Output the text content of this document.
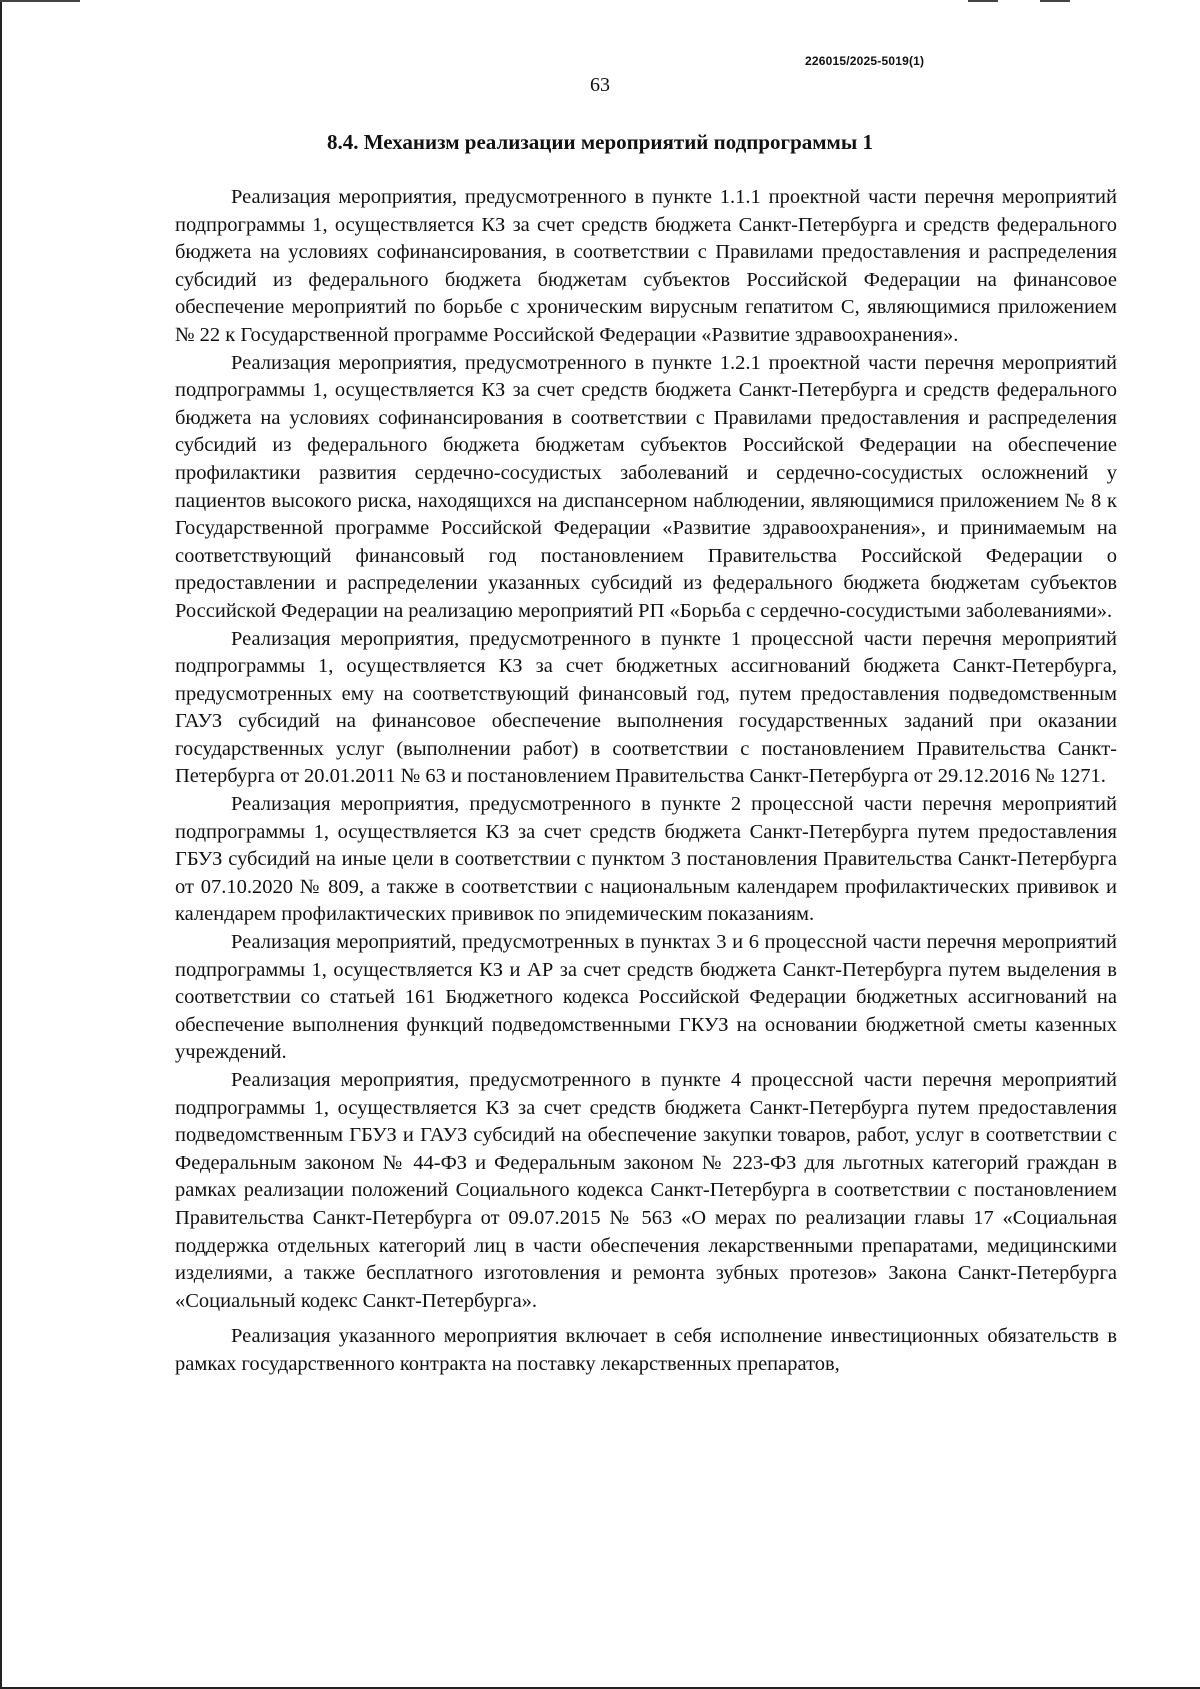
226015/2025-5019(1)
63
8.4. Механизм реализации мероприятий подпрограммы 1

Реализация мероприятия, предусмотренного в пункте 1.1.1 проектной части перечня мероприятий подпрограммы 1, осуществляется КЗ за счет средств бюджета Санкт-Петербурга и средств федерального бюджета на условиях софинансирования, в соответствии с Правилами предоставления и распределения субсидий из федерального бюджета бюджетам субъектов Российской Федерации на финансовое обеспечение мероприятий по борьбе с хроническим вирусным гепатитом С, являющимися приложением № 22 к Государственной программе Российской Федерации «Развитие здравоохранения».

Реализация мероприятия, предусмотренного в пункте 1.2.1 проектной части перечня мероприятий подпрограммы 1, осуществляется КЗ за счет средств бюджета Санкт-Петербурга и средств федерального бюджета на условиях софинансирования в соответствии с Правилами предоставления и распределения субсидий из федерального бюджета бюджетам субъектов Российской Федерации на обеспечение профилактики развития сердечно-сосудистых заболеваний и сердечно-сосудистых осложнений у пациентов высокого риска, находящихся на диспансерном наблюдении, являющимися приложением № 8 к Государственной программе Российской Федерации «Развитие здравоохранения», и принимаемым на соответствующий финансовый год постановлением Правительства Российской Федерации о предоставлении и распределении указанных субсидий из федерального бюджета бюджетам субъектов Российской Федерации на реализацию мероприятий РП «Борьба с сердечно-сосудистыми заболеваниями».

Реализация мероприятия, предусмотренного в пункте 1 процессной части перечня мероприятий подпрограммы 1, осуществляется КЗ за счет бюджетных ассигнований бюджета Санкт-Петербурга, предусмотренных ему на соответствующий финансовый год, путем предоставления подведомственным ГАУЗ субсидий на финансовое обеспечение выполнения государственных заданий при оказании государственных услуг (выполнении работ) в соответствии с постановлением Правительства Санкт-Петербурга от 20.01.2011 № 63 и постановлением Правительства Санкт-Петербурга от 29.12.2016 № 1271.

Реализация мероприятия, предусмотренного в пункте 2 процессной части перечня мероприятий подпрограммы 1, осуществляется КЗ за счет средств бюджета Санкт-Петербурга путем предоставления ГБУЗ субсидий на иные цели в соответствии с пунктом 3 постановления Правительства Санкт-Петербурга от 07.10.2020 № 809, а также в соответствии с национальным календарем профилактических прививок и календарем профилактических прививок по эпидемическим показаниям.

Реализация мероприятий, предусмотренных в пунктах 3 и 6 процессной части перечня мероприятий подпрограммы 1, осуществляется КЗ и АР за счет средств бюджета Санкт-Петербурга путем выделения в соответствии со статьей 161 Бюджетного кодекса Российской Федерации бюджетных ассигнований на обеспечение выполнения функций подведомственными ГКУЗ на основании бюджетной сметы казенных учреждений.

Реализация мероприятия, предусмотренного в пункте 4 процессной части перечня мероприятий подпрограммы 1, осуществляется КЗ за счет средств бюджета Санкт-Петербурга путем предоставления подведомственным ГБУЗ и ГАУЗ субсидий на обеспечение закупки товаров, работ, услуг в соответствии с Федеральным законом № 44-ФЗ и Федеральным законом № 223-ФЗ для льготных категорий граждан в рамках реализации положений Социального кодекса Санкт-Петербурга в соответствии с постановлением Правительства Санкт-Петербурга от 09.07.2015 № 563 «О мерах по реализации главы 17 «Социальная поддержка отдельных категорий лиц в части обеспечения лекарственными препаратами, медицинскими изделиями, а также бесплатного изготовления и ремонта зубных протезов» Закона Санкт-Петербурга «Социальный кодекс Санкт-Петербурга».

Реализация указанного мероприятия включает в себя исполнение инвестиционных обязательств в рамках государственного контракта на поставку лекарственных препаратов,
